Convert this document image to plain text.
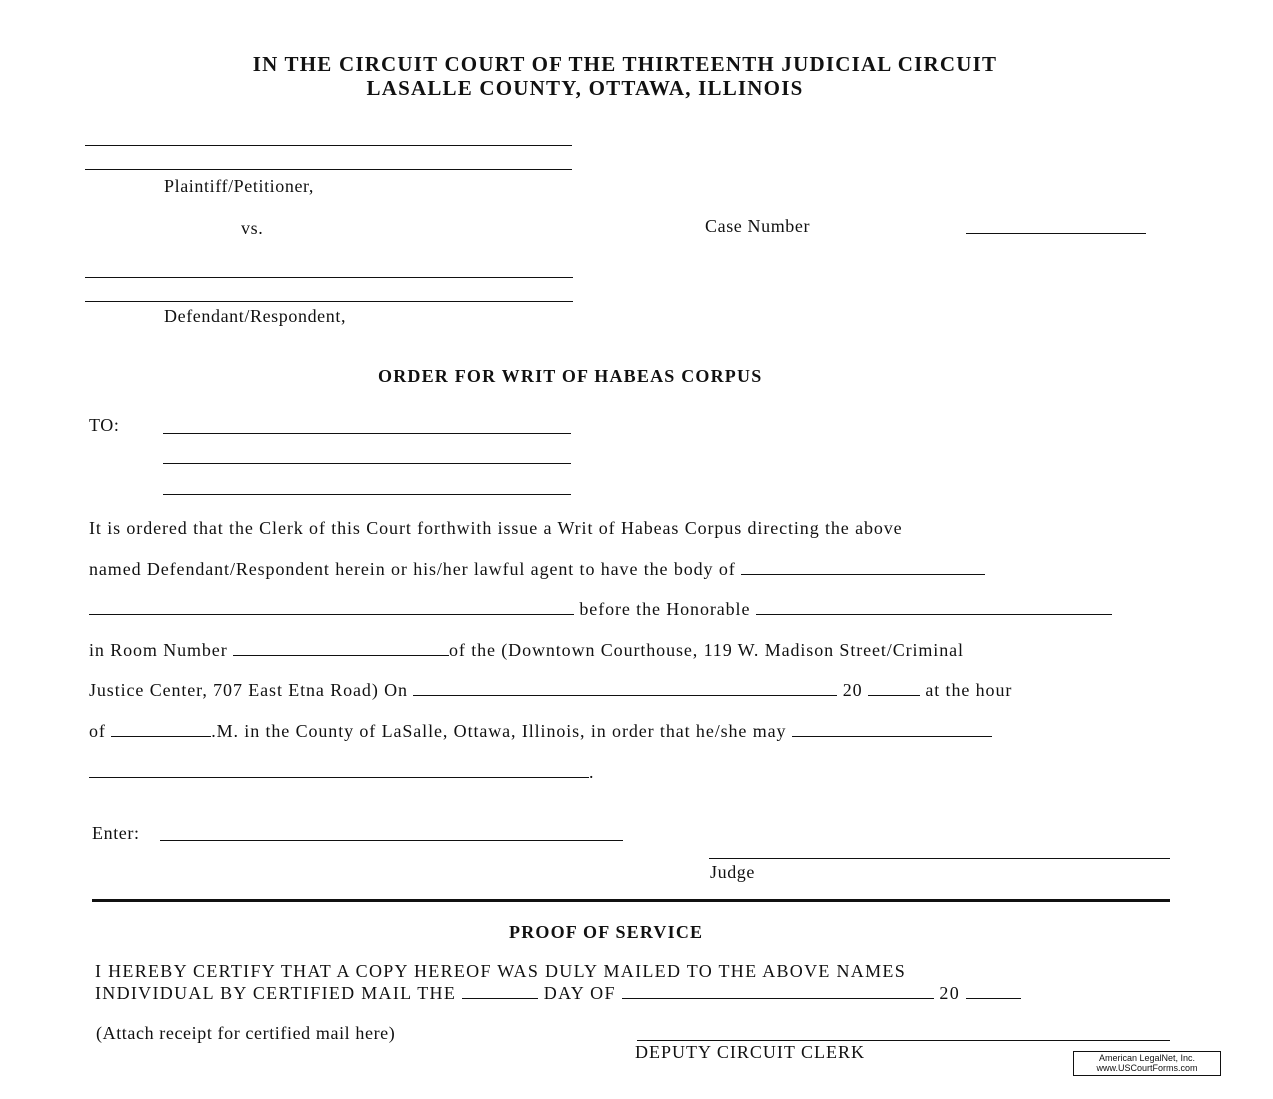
IN THE CIRCUIT COURT OF THE THIRTEENTH JUDICIAL CIRCUIT
LASALLE COUNTY, OTTAWA, ILLINOIS
Plaintiff/Petitioner,
vs.	Case Number
Defendant/Respondent,
ORDER FOR WRIT OF HABEAS CORPUS
TO:
It is ordered that the Clerk of this Court forthwith issue a Writ of Habeas Corpus directing the above
named Defendant/Respondent herein or his/her lawful agent to have the body of
before the Honorable
in Room Number	of the (Downtown Courthouse, 119 W. Madison Street/Criminal
Justice Center, 707 East Etna Road) On	20	at the hour
of	.M. in the County of LaSalle, Ottawa, Illinois, in order that he/she may
.
Enter:
Judge
PROOF OF SERVICE
I HEREBY CERTIFY THAT A COPY HEREOF WAS DULY MAILED TO THE ABOVE NAMES
INDIVIDUAL BY CERTIFIED MAIL THE	DAY OF	20
(Attach receipt for certified mail here)
DEPUTY CIRCUIT CLERK	American LegalNet, Inc.
www.USCourtForms.com
